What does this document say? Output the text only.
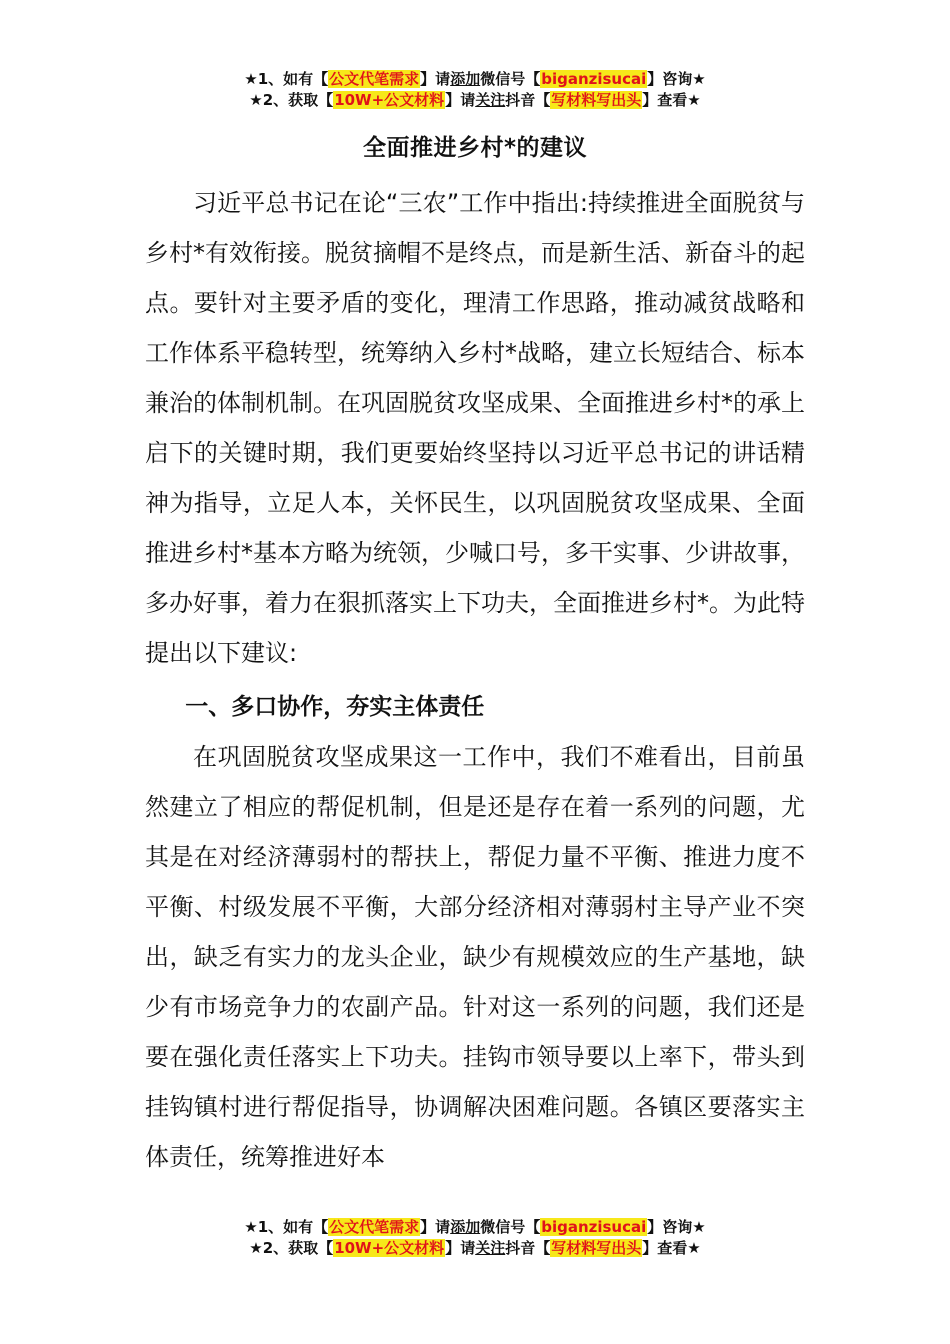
★1、如有【公文代笔需求】请添加微信号【biganzisucai】咨询★
★2、获取【10W+公文材料】请关注抖音【写材料写出头】查看★
全面推进乡村*的建议

习近平总书记在论“三农”工作中指出:持续推进全面脱贫与乡村*有效衔接。脱贫摘帽不是终点，而是新生活、新奋斗的起点。要针对主要矛盾的变化，理清工作思路，推动减贫战略和工作体系平稳转型，统筹纳入乡村*战略，建立长短结合、标本兼治的体制机制。在巩固脱贫攻坚成果、全面推进乡村*的承上启下的关键时期，我们更要始终坚持以习近平总书记的讲话精神为指导，立足人本，关怀民生，以巩固脱贫攻坚成果、全面推进乡村*基本方略为统领，少喊口号，多干实事、少讲故事，多办好事，着力在狠抓落实上下功夫，全面推进乡村*。为此特提出以下建议:

一、多口协作，夯实主体责任

在巩固脱贫攻坚成果这一工作中，我们不难看出，目前虽然建立了相应的帮促机制，但是还是存在着一系列的问题，尤其是在对经济薄弱村的帮扶上，帮促力量不平衡、推进力度不平衡、村级发展不平衡，大部分经济相对薄弱村主导产业不突出，缺乏有实力的龙头企业，缺少有规模效应的生产基地，缺少有市场竞争力的农副产品。针对这一系列的问题，我们还是要在强化责任落实上下功夫。挂钩市领导要以上率下，带头到挂钩镇村进行帮促指导，协调解决困难问题。各镇区要落实主体责任，统筹推进好本

★1、如有【公文代笔需求】请添加微信号【biganzisucai】咨询★
★2、获取【10W+公文材料】请关注抖音【写材料写出头】查看★
